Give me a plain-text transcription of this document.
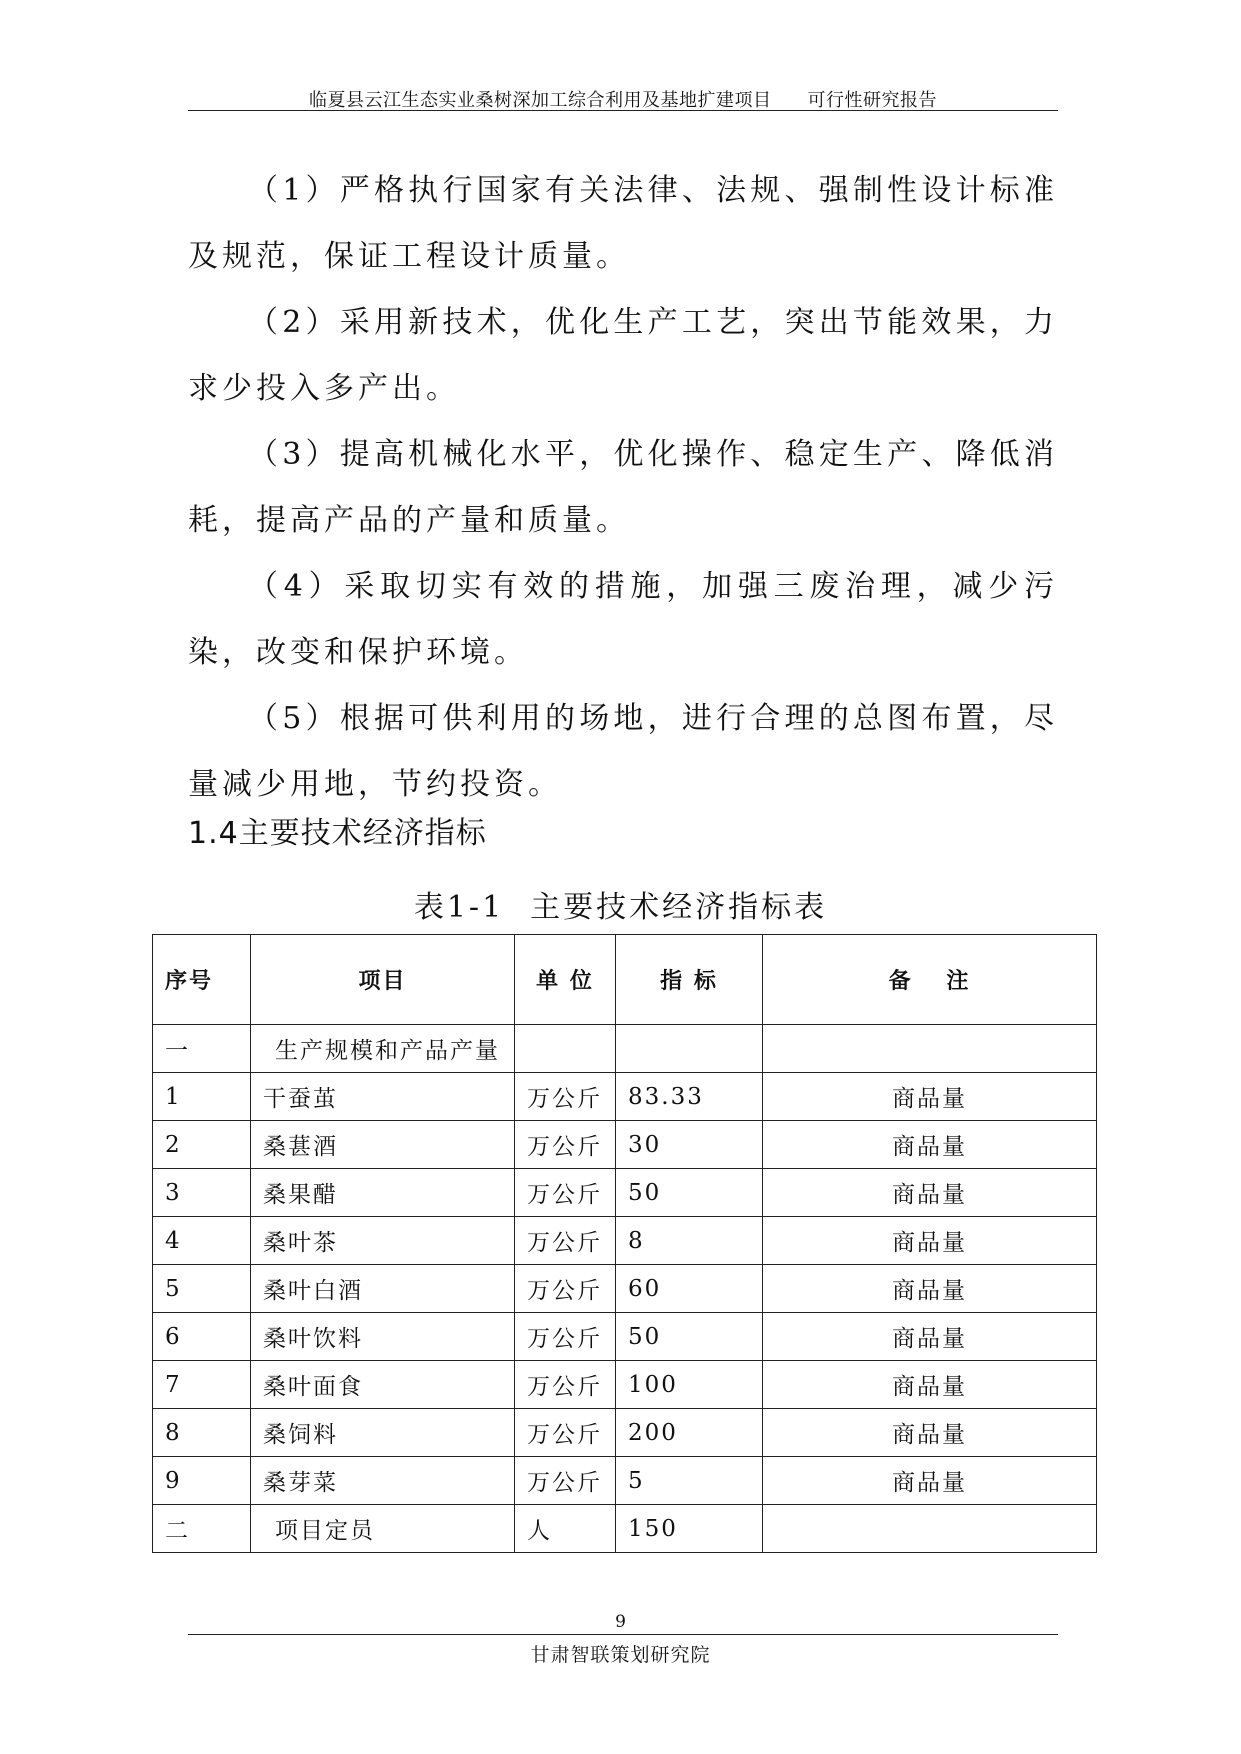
临夏县云江生态实业桑树深加工综合利用及基地扩建项目 可行性研究报告

（1）严格执行国家有关法律、法规、强制性设计标准及规范，保证工程设计质量。

（2）采用新技术，优化生产工艺，突出节能效果，力求少投入多产出。

（3）提高机械化水平，优化操作、稳定生产、降低消耗，提高产品的产量和质量。

（4）采取切实有效的措施，加强三废治理，减少污染，改变和保护环境。

（5）根据可供利用的场地，进行合理的总图布置，尽量减少用地，节约投资。

1.4主要技术经济指标
表1-1 主要技术经济指标表
序号	项目	单 位	指 标	备　 注
一	生产规模和产品产量			
1	干蚕茧	万公斤	83.33	商品量
2	桑葚酒	万公斤	30	商品量
3	桑果醋	万公斤	50	商品量
4	桑叶茶	万公斤	8	商品量
5	桑叶白酒	万公斤	60	商品量
6	桑叶饮料	万公斤	50	商品量
7	桑叶面食	万公斤	100	商品量
8	桑饲料	万公斤	200	商品量
9	桑芽菜	万公斤	5	商品量
二	项目定员	人	150	
9
甘肃智联策划研究院
